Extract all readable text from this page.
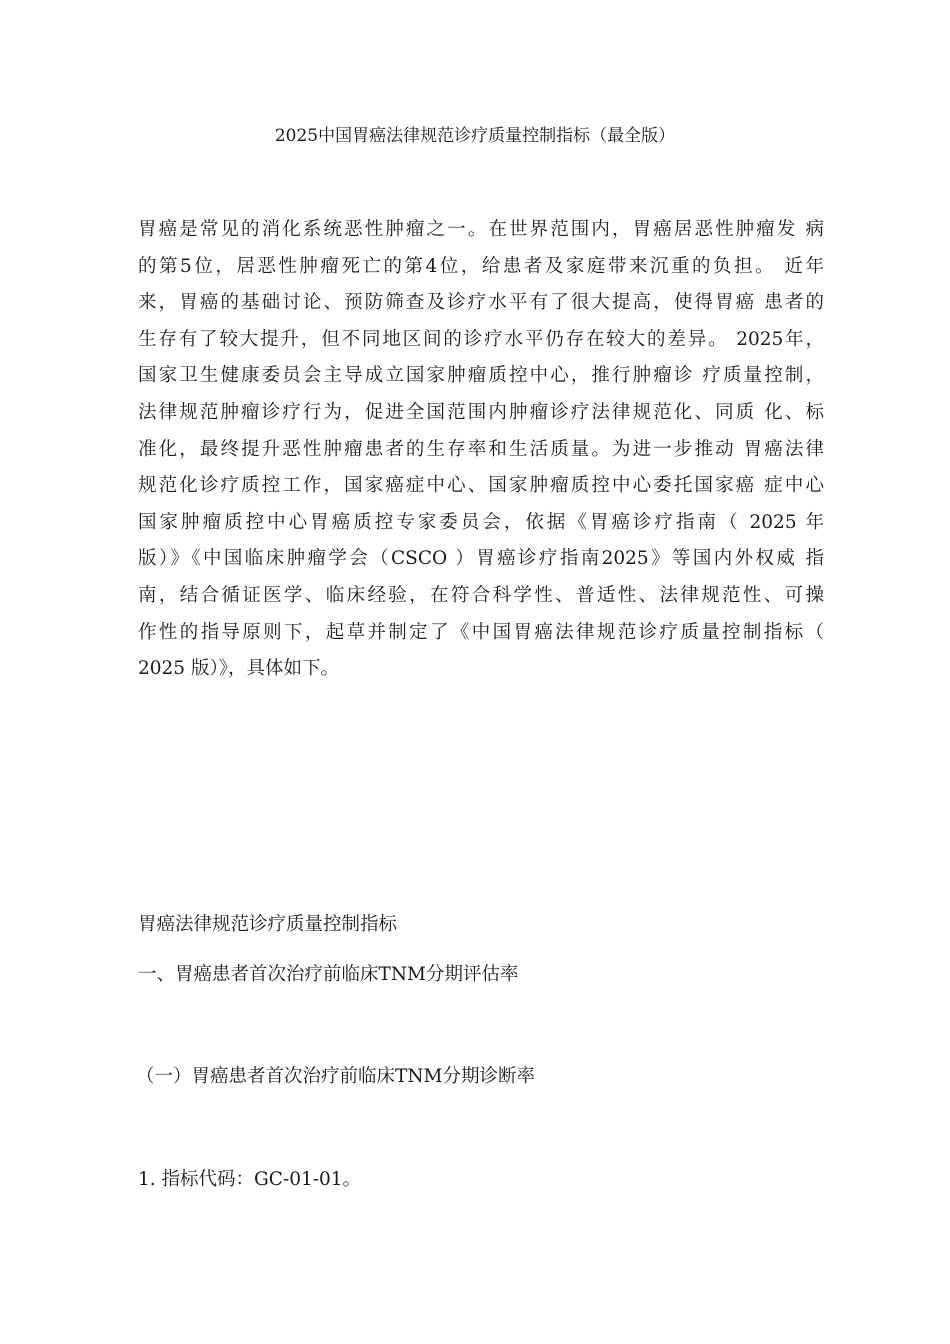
2025中国胃癌法律规范诊疗质量控制指标（最全版）

胃癌是常见的消化系统恶性肿瘤之一。在世界范围内，胃癌居恶性肿瘤发 病
的第5位，居恶性肿瘤死亡的第4位，给患者及家庭带来沉重的负担。 近年
来，胃癌的基础讨论、预防筛查及诊疗水平有了很大提高，使得胃癌 患者的
生存有了较大提升，但不同地区间的诊疗水平仍存在较大的差异。 2025年，
国家卫生健康委员会主导成立国家肿瘤质控中心，推行肿瘤诊 疗质量控制，
法律规范肿瘤诊疗行为，促进全国范围内肿瘤诊疗法律规范化、同质 化、标
准化，最终提升恶性肿瘤患者的生存率和生活质量。为进一步推动 胃癌法律
规范化诊疗质控工作，国家癌症中心、国家肿瘤质控中心委托国家癌 症中心
国家肿瘤质控中心胃癌质控专家委员会，依据《胃癌诊疗指南（ 2025 年
版）》《中国临床肿瘤学会（CSCO ）胃癌诊疗指南2025》等国内外权威 指
南，结合循证医学、临床经验，在符合科学性、普适性、法律规范性、可操
作性的指导原则下，起草并制定了《中国胃癌法律规范诊疗质量控制指标（
2025 版）》，具体如下。

胃癌法律规范诊疗质量控制指标
一、胃癌患者首次治疗前临床TNM分期评估率
（一）胃癌患者首次治疗前临床TNM分期诊断率

1. 指标代码：GC-01-01。
